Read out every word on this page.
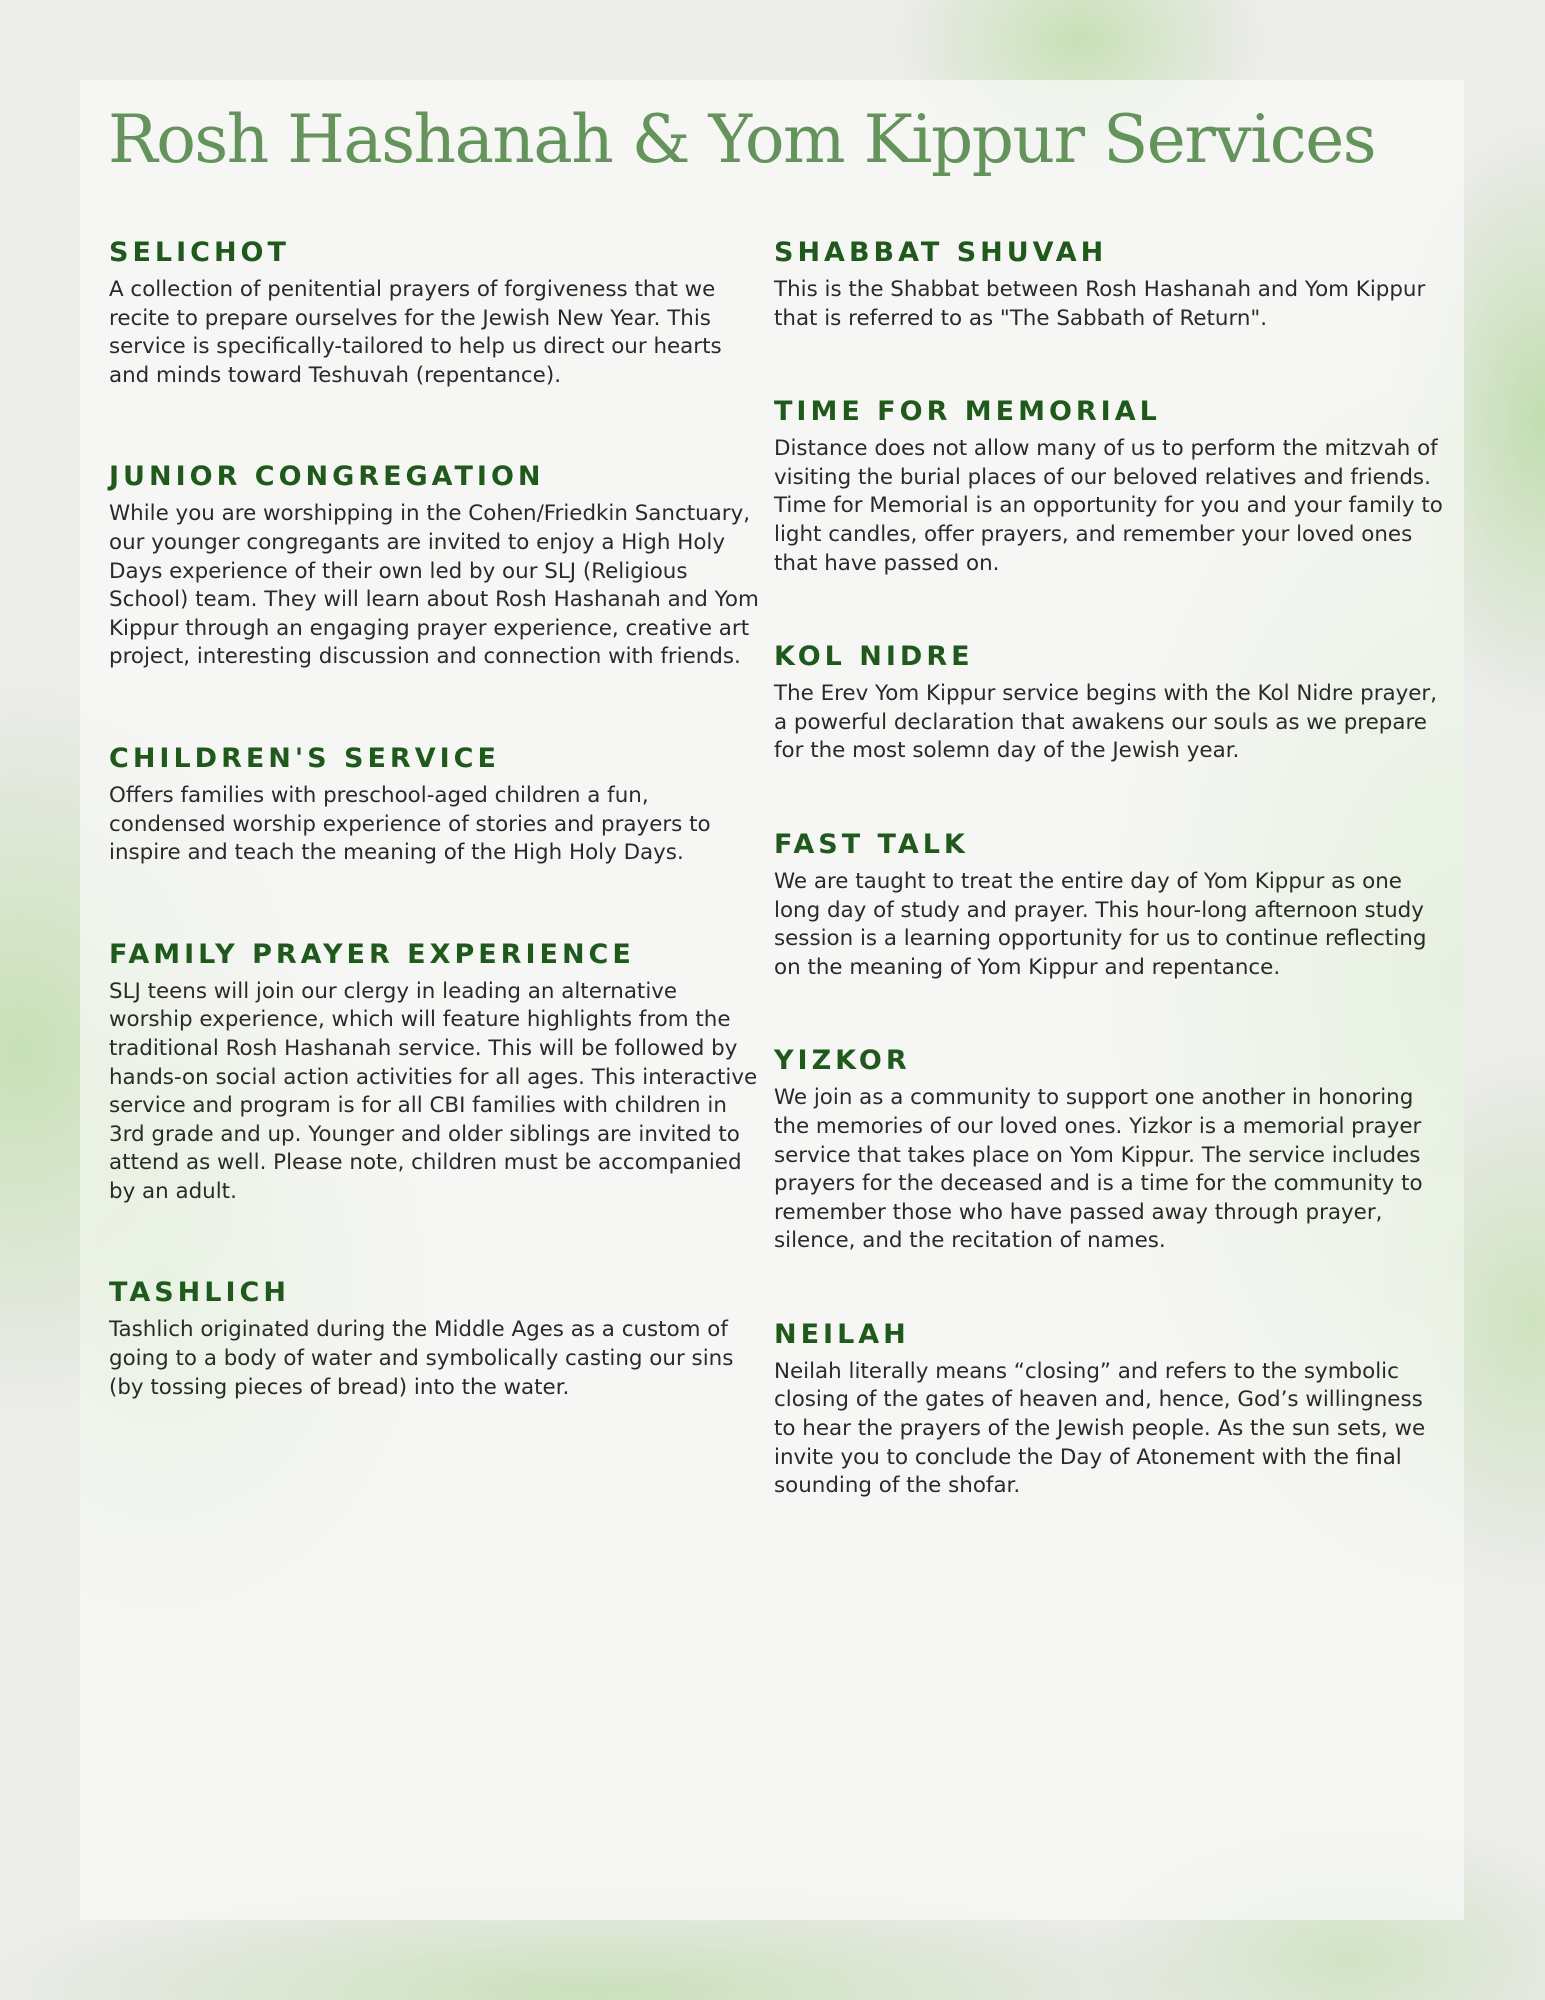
Rosh Hashanah & Yom Kippur Services
SELICHOT

A collection of penitential prayers of forgiveness that we recite to prepare ourselves for the Jewish New Year. This service is specifically-tailored to help us direct our hearts and minds toward Teshuvah (repentance).

JUNIOR CONGREGATION

While you are worshipping in the Cohen/Friedkin Sanctuary, our younger congregants are invited to enjoy a High Holy Days experience of their own led by our SLJ (Religious School) team. They will learn about Rosh Hashanah and Yom Kippur through an engaging prayer experience, creative art project, interesting discussion and connection with friends.

CHILDREN'S SERVICE

Offers families with preschool-aged children a fun, condensed worship experience of stories and prayers to inspire and teach the meaning of the High Holy Days.

FAMILY PRAYER EXPERIENCE

SLJ teens will join our clergy in leading an alternative worship experience, which will feature highlights from the traditional Rosh Hashanah service. This will be followed by hands-on social action activities for all ages. This interactive service and program is for all CBI families with children in 3rd grade and up. Younger and older siblings are invited to attend as well. Please note, children must be accompanied by an adult.

TASHLICH

Tashlich originated during the Middle Ages as a custom of going to a body of water and symbolically casting our sins (by tossing pieces of bread) into the water.

SHABBAT SHUVAH

This is the Shabbat between Rosh Hashanah and Yom Kippur that is referred to as "The Sabbath of Return".

TIME FOR MEMORIAL

Distance does not allow many of us to perform the mitzvah of visiting the burial places of our beloved relatives and friends. Time for Memorial is an opportunity for you and your family to light candles, offer prayers, and remember your loved ones that have passed on.

KOL NIDRE

The Erev Yom Kippur service begins with the Kol Nidre prayer, a powerful declaration that awakens our souls as we prepare for the most solemn day of the Jewish year.

FAST TALK

We are taught to treat the entire day of Yom Kippur as one long day of study and prayer. This hour-long afternoon study session is a learning opportunity for us to continue reflecting on the meaning of Yom Kippur and repentance.

YIZKOR

We join as a community to support one another in honoring the memories of our loved ones. Yizkor is a memorial prayer service that takes place on Yom Kippur. The service includes prayers for the deceased and is a time for the community to remember those who have passed away through prayer, silence, and the recitation of names.

NEILAH

Neilah literally means “closing” and refers to the symbolic closing of the gates of heaven and, hence, God’s willingness to hear the prayers of the Jewish people. As the sun sets, we invite you to conclude the Day of Atonement with the final sounding of the shofar.
